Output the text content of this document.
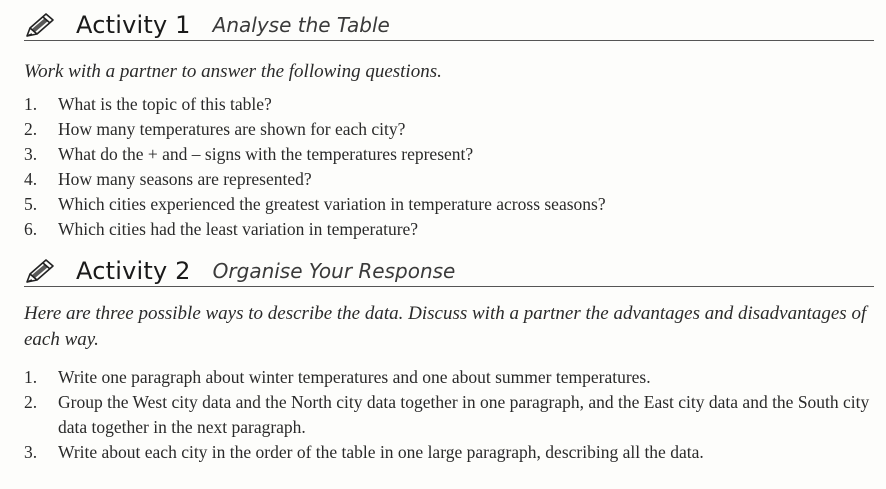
Activity 1 Analyse the Table
Work with a partner to answer the following questions.
1.	What is the topic of this table?
2.	How many temperatures are shown for each city?
3.	What do the + and – signs with the temperatures represent?
4.	How many seasons are represented?
5.	Which cities experienced the greatest variation in temperature across seasons?
6.	Which cities had the least variation in temperature?
Activity 2 Organise Your Response
Here are three possible ways to describe the data. Discuss with a partner the advantages and disadvantages of each way.
1.	Write one paragraph about winter temperatures and one about summer temperatures.
2.	Group the West city data and the North city data together in one paragraph, and the East city data and the South city data together in the next paragraph.
3.	Write about each city in the order of the table in one large paragraph, describing all the data.
